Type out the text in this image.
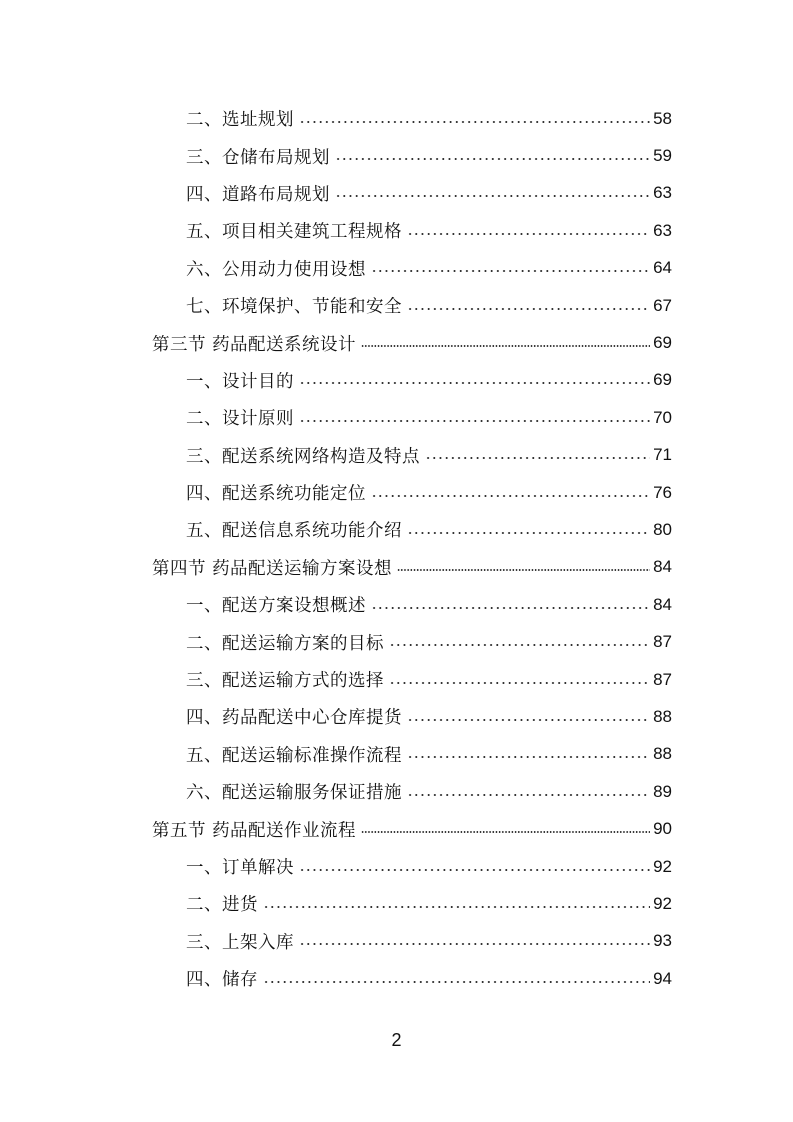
二、选址规划	58
三、仓储布局规划	59
四、道路布局规划	63
五、项目相关建筑工程规格	63
六、公用动力使用设想	64
七、环境保护、节能和安全	67
第三节 药品配送系统设计	69
一、设计目的	69
二、设计原则	70
三、配送系统网络构造及特点	71
四、配送系统功能定位	76
五、配送信息系统功能介绍	80
第四节 药品配送运输方案设想	84
一、配送方案设想概述	84
二、配送运输方案的目标	87
三、配送运输方式的选择	87
四、药品配送中心仓库提货	88
五、配送运输标准操作流程	88
六、配送运输服务保证措施	89
第五节 药品配送作业流程	90
一、订单解决	92
二、进货	92
三、上架入库	93
四、储存	94
2
